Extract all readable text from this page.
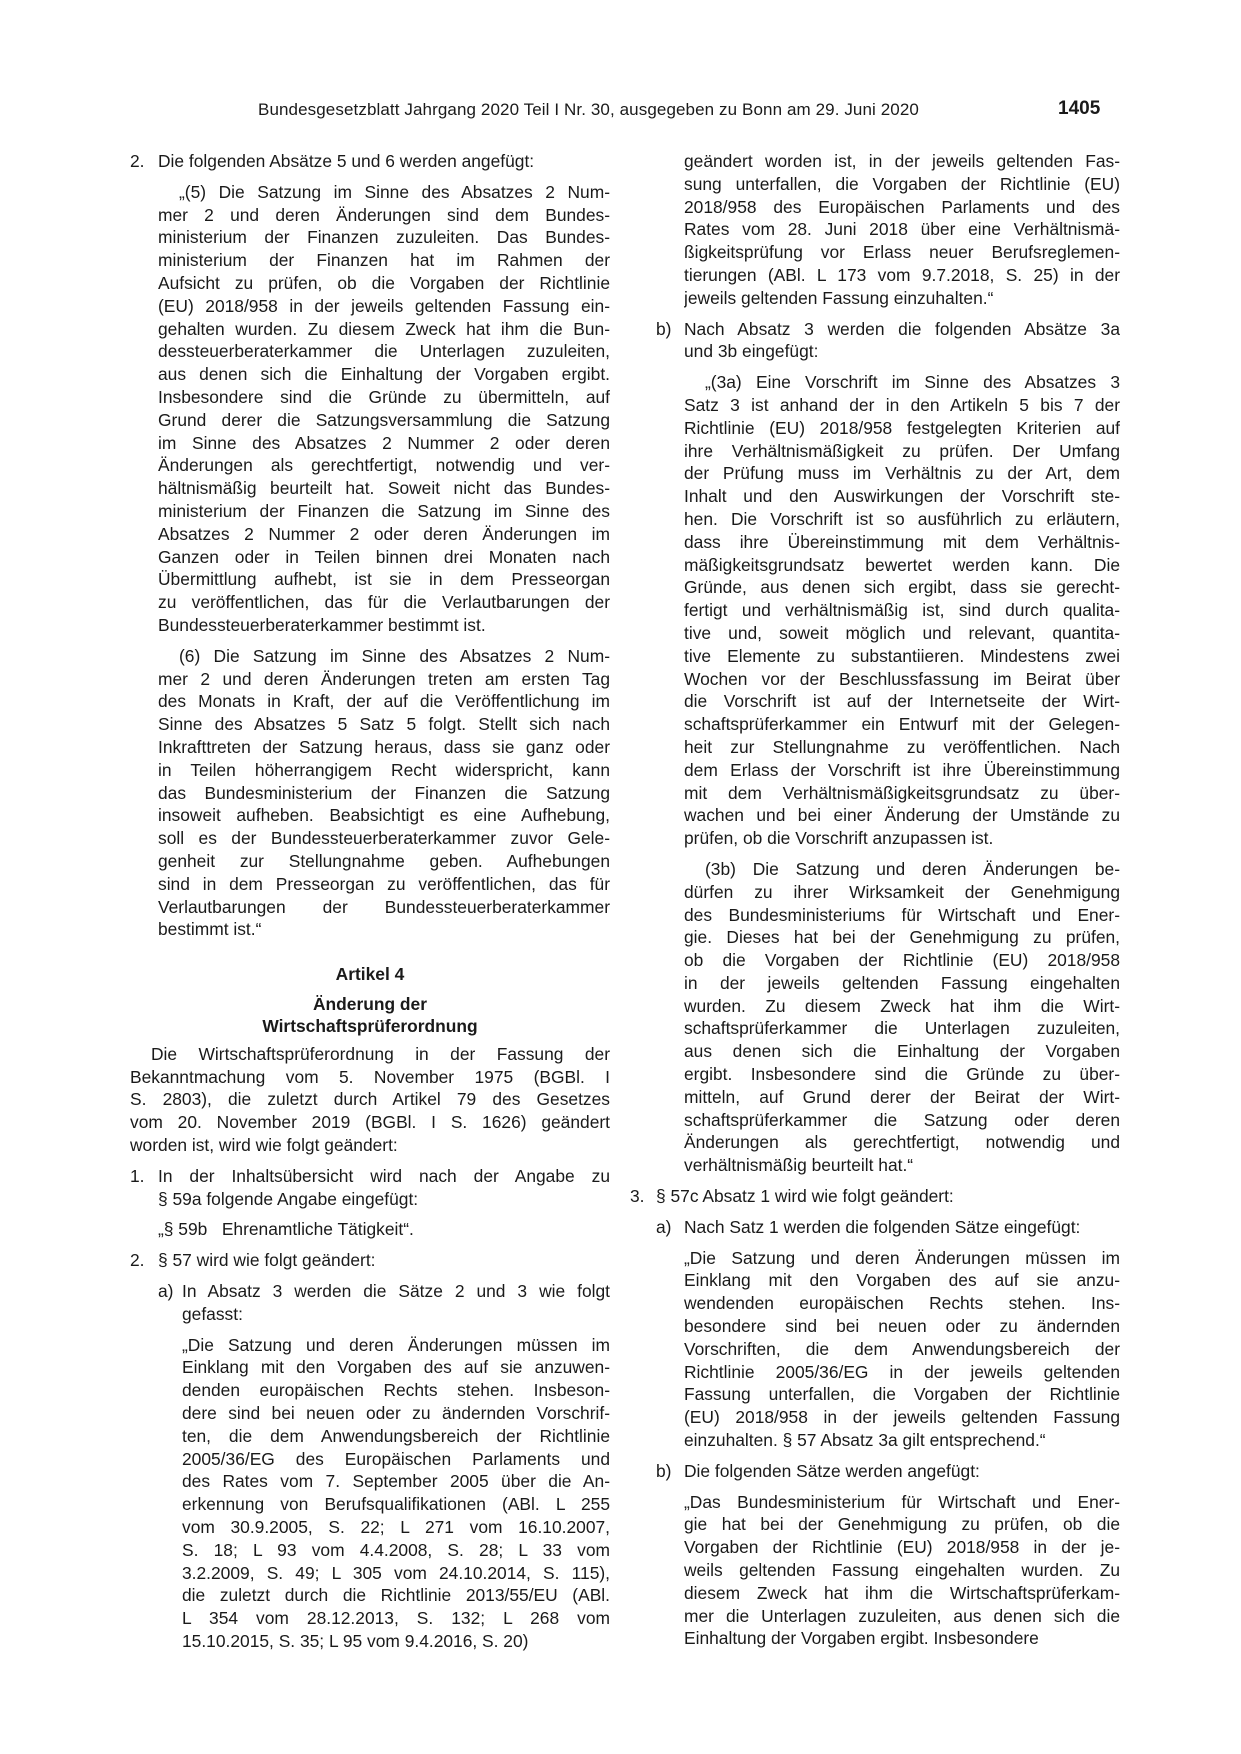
Bundesgesetzblatt Jahrgang 2020 Teil I Nr. 30, ausgegeben zu Bonn am 29. Juni 2020	1405
2. Die folgenden Absätze 5 und 6 werden angefügt:
„(5) Die Satzung im Sinne des Absatzes 2 Num-
mer 2 und deren Änderungen sind dem Bundes-
ministerium der Finanzen zuzuleiten. Das Bundes-
ministerium der Finanzen hat im Rahmen der
Aufsicht zu prüfen, ob die Vorgaben der Richtlinie
(EU) 2018/958 in der jeweils geltenden Fassung ein-
gehalten wurden. Zu diesem Zweck hat ihm die Bun-
dessteuerberaterkammer die Unterlagen zuzuleiten,
aus denen sich die Einhaltung der Vorgaben ergibt.
Insbesondere sind die Gründe zu übermitteln, auf
Grund derer die Satzungsversammlung die Satzung
im Sinne des Absatzes 2 Nummer 2 oder deren
Änderungen als gerechtfertigt, notwendig und ver-
hältnismäßig beurteilt hat. Soweit nicht das Bundes-
ministerium der Finanzen die Satzung im Sinne des
Absatzes 2 Nummer 2 oder deren Änderungen im
Ganzen oder in Teilen binnen drei Monaten nach
Übermittlung aufhebt, ist sie in dem Presseorgan
zu veröffentlichen, das für die Verlautbarungen der
Bundessteuerberaterkammer bestimmt ist.
(6) Die Satzung im Sinne des Absatzes 2 Num-
mer 2 und deren Änderungen treten am ersten Tag
des Monats in Kraft, der auf die Veröffentlichung im
Sinne des Absatzes 5 Satz 5 folgt. Stellt sich nach
Inkrafttreten der Satzung heraus, dass sie ganz oder
in Teilen höherrangigem Recht widerspricht, kann
das Bundesministerium der Finanzen die Satzung
insoweit aufheben. Beabsichtigt es eine Aufhebung,
soll es der Bundessteuerberaterkammer zuvor Gele-
genheit zur Stellungnahme geben. Aufhebungen
sind in dem Presseorgan zu veröffentlichen, das für
Verlautbarungen der Bundessteuerberaterkammer
bestimmt ist.“

Artikel 4

Änderung der

Wirtschaftsprüferordnung

Die Wirtschaftsprüferordnung in der Fassung der
Bekanntmachung vom 5. November 1975 (BGBl. I
S. 2803), die zuletzt durch Artikel 79 des Gesetzes
vom 20. November 2019 (BGBl. I S. 1626) geändert
worden ist, wird wie folgt geändert:
1. In der Inhaltsübersicht wird nach der Angabe zu
§ 59a folgende Angabe eingefügt:

„§ 59b Ehrenamtliche Tätigkeit“.

2. § 57 wird wie folgt geändert:
a) In Absatz 3 werden die Sätze 2 und 3 wie folgt
gefasst:
„Die Satzung und deren Änderungen müssen im
Einklang mit den Vorgaben des auf sie anzuwen-
denden europäischen Rechts stehen. Insbeson-
dere sind bei neuen oder zu ändernden Vorschrif-
ten, die dem Anwendungsbereich der Richtlinie
2005/36/EG des Europäischen Parlaments und
des Rates vom 7. September 2005 über die An-
erkennung von Berufsqualifikationen (ABl. L 255
vom 30.9.2005, S. 22; L 271 vom 16.10.2007,
S. 18; L 93 vom 4.4.2008, S. 28; L 33 vom
3.2.2009, S. 49; L 305 vom 24.10.2014, S. 115),
die zuletzt durch die Richtlinie 2013/55/EU (ABl.
L 354 vom 28.12.2013, S. 132; L 268 vom
15.10.2015, S. 35; L 95 vom 9.4.2016, S. 20)
geändert worden ist, in der jeweils geltenden Fas-
sung unterfallen, die Vorgaben der Richtlinie (EU)
2018/958 des Europäischen Parlaments und des
Rates vom 28. Juni 2018 über eine Verhältnismä-
ßigkeitsprüfung vor Erlass neuer Berufsreglemen-
tierungen (ABl. L 173 vom 9.7.2018, S. 25) in der
jeweils geltenden Fassung einzuhalten.“
b) Nach Absatz 3 werden die folgenden Absätze 3a
und 3b eingefügt:
„(3a) Eine Vorschrift im Sinne des Absatzes 3
Satz 3 ist anhand der in den Artikeln 5 bis 7 der
Richtlinie (EU) 2018/958 festgelegten Kriterien auf
ihre Verhältnismäßigkeit zu prüfen. Der Umfang
der Prüfung muss im Verhältnis zu der Art, dem
Inhalt und den Auswirkungen der Vorschrift ste-
hen. Die Vorschrift ist so ausführlich zu erläutern,
dass ihre Übereinstimmung mit dem Verhältnis-
mäßigkeitsgrundsatz bewertet werden kann. Die
Gründe, aus denen sich ergibt, dass sie gerecht-
fertigt und verhältnismäßig ist, sind durch qualita-
tive und, soweit möglich und relevant, quantita-
tive Elemente zu substantiieren. Mindestens zwei
Wochen vor der Beschlussfassung im Beirat über
die Vorschrift ist auf der Internetseite der Wirt-
schaftsprüferkammer ein Entwurf mit der Gelegen-
heit zur Stellungnahme zu veröffentlichen. Nach
dem Erlass der Vorschrift ist ihre Übereinstimmung
mit dem Verhältnismäßigkeitsgrundsatz zu über-
wachen und bei einer Änderung der Umstände zu
prüfen, ob die Vorschrift anzupassen ist.
(3b) Die Satzung und deren Änderungen be-
dürfen zu ihrer Wirksamkeit der Genehmigung
des Bundesministeriums für Wirtschaft und Ener-
gie. Dieses hat bei der Genehmigung zu prüfen,
ob die Vorgaben der Richtlinie (EU) 2018/958
in der jeweils geltenden Fassung eingehalten
wurden. Zu diesem Zweck hat ihm die Wirt-
schaftsprüferkammer die Unterlagen zuzuleiten,
aus denen sich die Einhaltung der Vorgaben
ergibt. Insbesondere sind die Gründe zu über-
mitteln, auf Grund derer der Beirat der Wirt-
schaftsprüferkammer die Satzung oder deren
Änderungen als gerechtfertigt, notwendig und
verhältnismäßig beurteilt hat.“
3. § 57c Absatz 1 wird wie folgt geändert:
a) Nach Satz 1 werden die folgenden Sätze eingefügt:
„Die Satzung und deren Änderungen müssen im
Einklang mit den Vorgaben des auf sie anzu-
wendenden europäischen Rechts stehen. Ins-
besondere sind bei neuen oder zu ändernden
Vorschriften, die dem Anwendungsbereich der
Richtlinie 2005/36/EG in der jeweils geltenden
Fassung unterfallen, die Vorgaben der Richtlinie
(EU) 2018/958 in der jeweils geltenden Fassung
einzuhalten. § 57 Absatz 3a gilt entsprechend.“
b) Die folgenden Sätze werden angefügt:
„Das Bundesministerium für Wirtschaft und Ener-
gie hat bei der Genehmigung zu prüfen, ob die
Vorgaben der Richtlinie (EU) 2018/958 in der je-
weils geltenden Fassung eingehalten wurden. Zu
diesem Zweck hat ihm die Wirtschaftsprüferkam-
mer die Unterlagen zuzuleiten, aus denen sich die
Einhaltung der Vorgaben ergibt. Insbesondere
